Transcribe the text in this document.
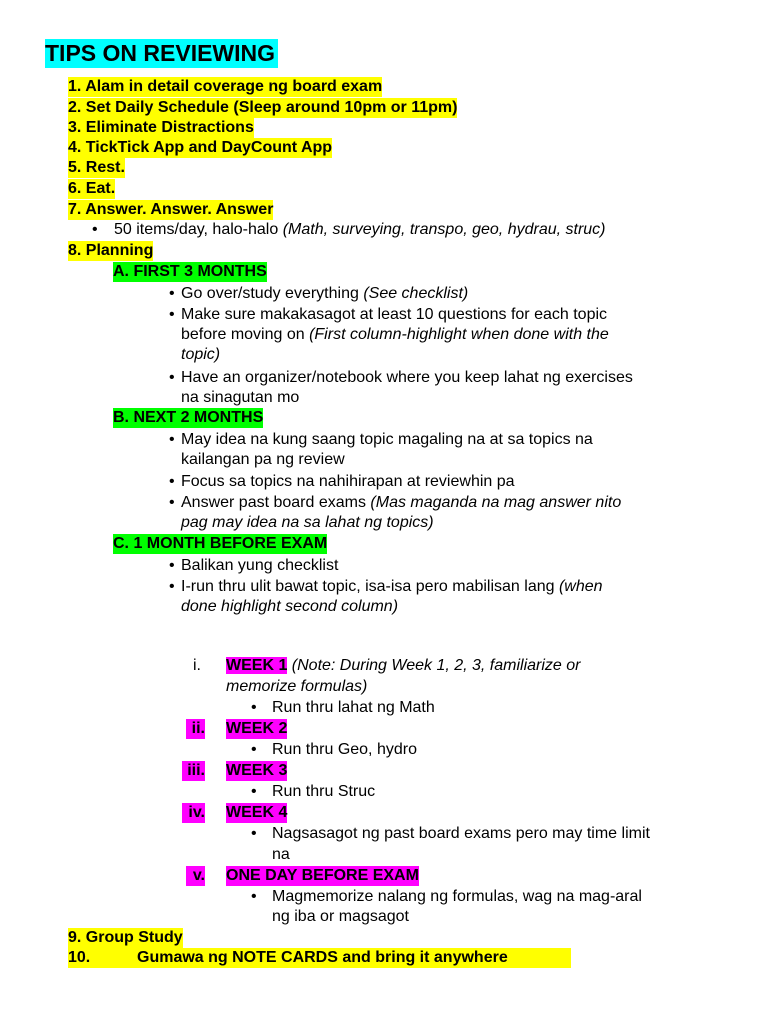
TIPS ON REVIEWING
1. Alam in detail coverage ng board exam
2. Set Daily Schedule (Sleep around 10pm or 11pm)
3. Eliminate Distractions
4. TickTick App and DayCount App
5. Rest.
6. Eat.
7. Answer. Answer. Answer
• 50 items/day, halo-halo (Math, surveying, transpo, geo, hydrau, struc)
8. Planning
A. FIRST 3 MONTHS
• Go over/study everything (See checklist)
• Make sure makakasagot at least 10 questions for each topic
before moving on (First column-highlight when done with the
topic)
• Have an organizer/notebook where you keep lahat ng exercises
na sinagutan mo
B. NEXT 2 MONTHS
• May idea na kung saang topic magaling na at sa topics na
kailangan pa ng review
• Focus sa topics na nahihirapan at reviewhin pa
• Answer past board exams (Mas maganda na mag answer nito
pag may idea na sa lahat ng topics)
C. 1 MONTH BEFORE EXAM
• Balikan yung checklist
• I-run thru ulit bawat topic, isa-isa pero mabilisan lang (when
done highlight second column)
i. WEEK 1 (Note: During Week 1, 2, 3, familiarize or
memorize formulas)
• Run thru lahat ng Math
ii. WEEK 2
• Run thru Geo, hydro
iii. WEEK 3
• Run thru Struc
iv. WEEK 4
• Nagsasagot ng past board exams pero may time limit
na
v. ONE DAY BEFORE EXAM
• Magmemorize nalang ng formulas, wag na mag-aral
ng iba or magsagot
9. Group Study
10.	Gumawa ng NOTE CARDS and bring it anywhere
